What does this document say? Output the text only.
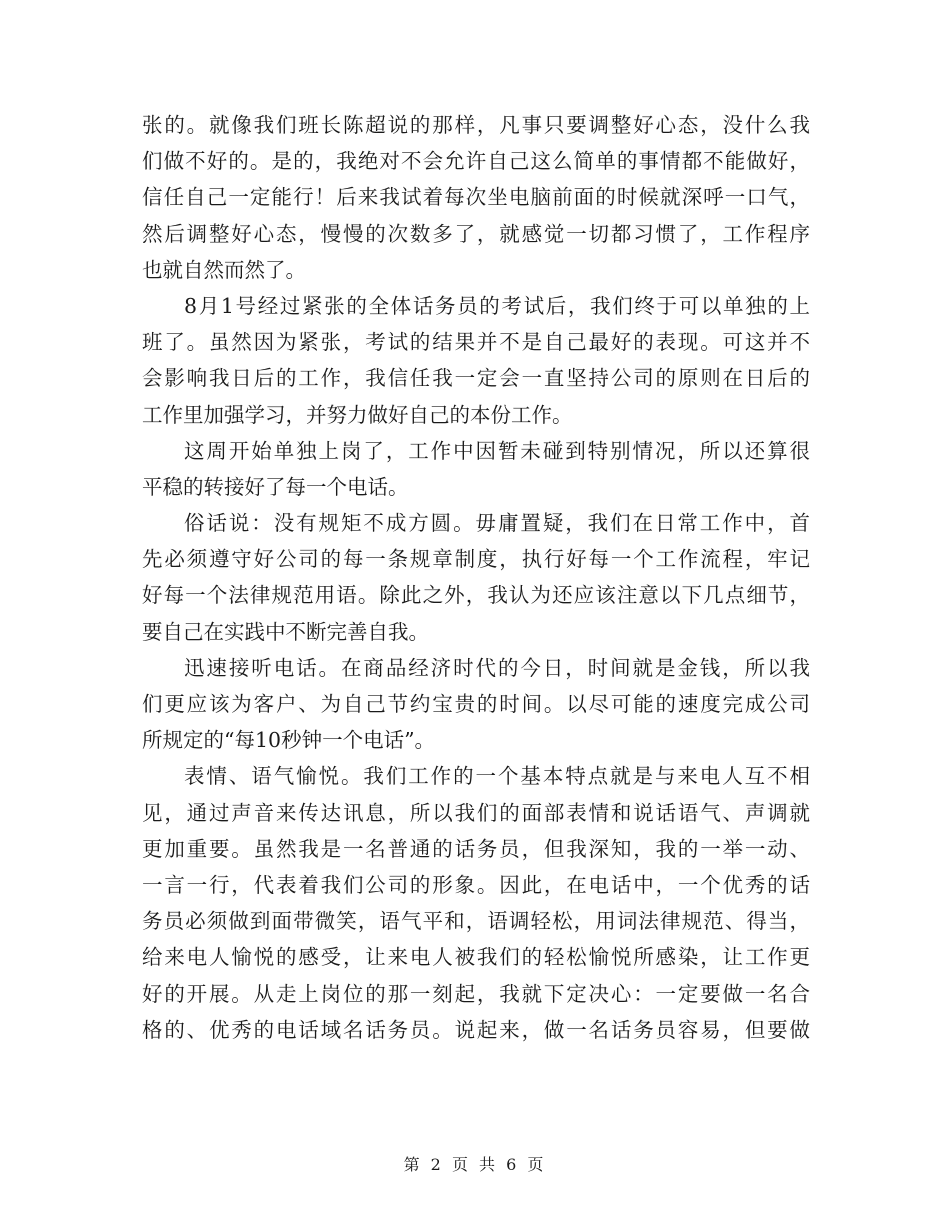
张的。就像我们班长陈超说的那样，凡事只要调整好心态，没什么我
们做不好的。是的，我绝对不会允许自己这么简单的事情都不能做好，
信任自己一定能行！后来我试着每次坐电脑前面的时候就深呼一口气，
然后调整好心态，慢慢的次数多了，就感觉一切都习惯了，工作程序
也就自然而然了。
8月1号经过紧张的全体话务员的考试后，我们终于可以单独的上
班了。虽然因为紧张，考试的结果并不是自己最好的表现。可这并不
会影响我日后的工作，我信任我一定会一直坚持公司的原则在日后的
工作里加强学习，并努力做好自己的本份工作。
这周开始单独上岗了，工作中因暂未碰到特别情况，所以还算很
平稳的转接好了每一个电话。
俗话说：没有规矩不成方圆。毋庸置疑，我们在日常工作中，首
先必须遵守好公司的每一条规章制度，执行好每一个工作流程，牢记
好每一个法律规范用语。除此之外，我认为还应该注意以下几点细节，
要自己在实践中不断完善自我。
迅速接听电话。在商品经济时代的今日，时间就是金钱，所以我
们更应该为客户、为自己节约宝贵的时间。以尽可能的速度完成公司
所规定的“每10秒钟一个电话”。
表情、语气愉悦。我们工作的一个基本特点就是与来电人互不相
见，通过声音来传达讯息，所以我们的面部表情和说话语气、声调就
更加重要。虽然我是一名普通的话务员，但我深知，我的一举一动、
一言一行，代表着我们公司的形象。因此，在电话中，一个优秀的话
务员必须做到面带微笑，语气平和，语调轻松，用词法律规范、得当，
给来电人愉悦的感受，让来电人被我们的轻松愉悦所感染，让工作更
好的开展。从走上岗位的那一刻起，我就下定决心：一定要做一名合
格的、优秀的电话域名话务员。说起来，做一名话务员容易，但要做
第 2 页 共 6 页
